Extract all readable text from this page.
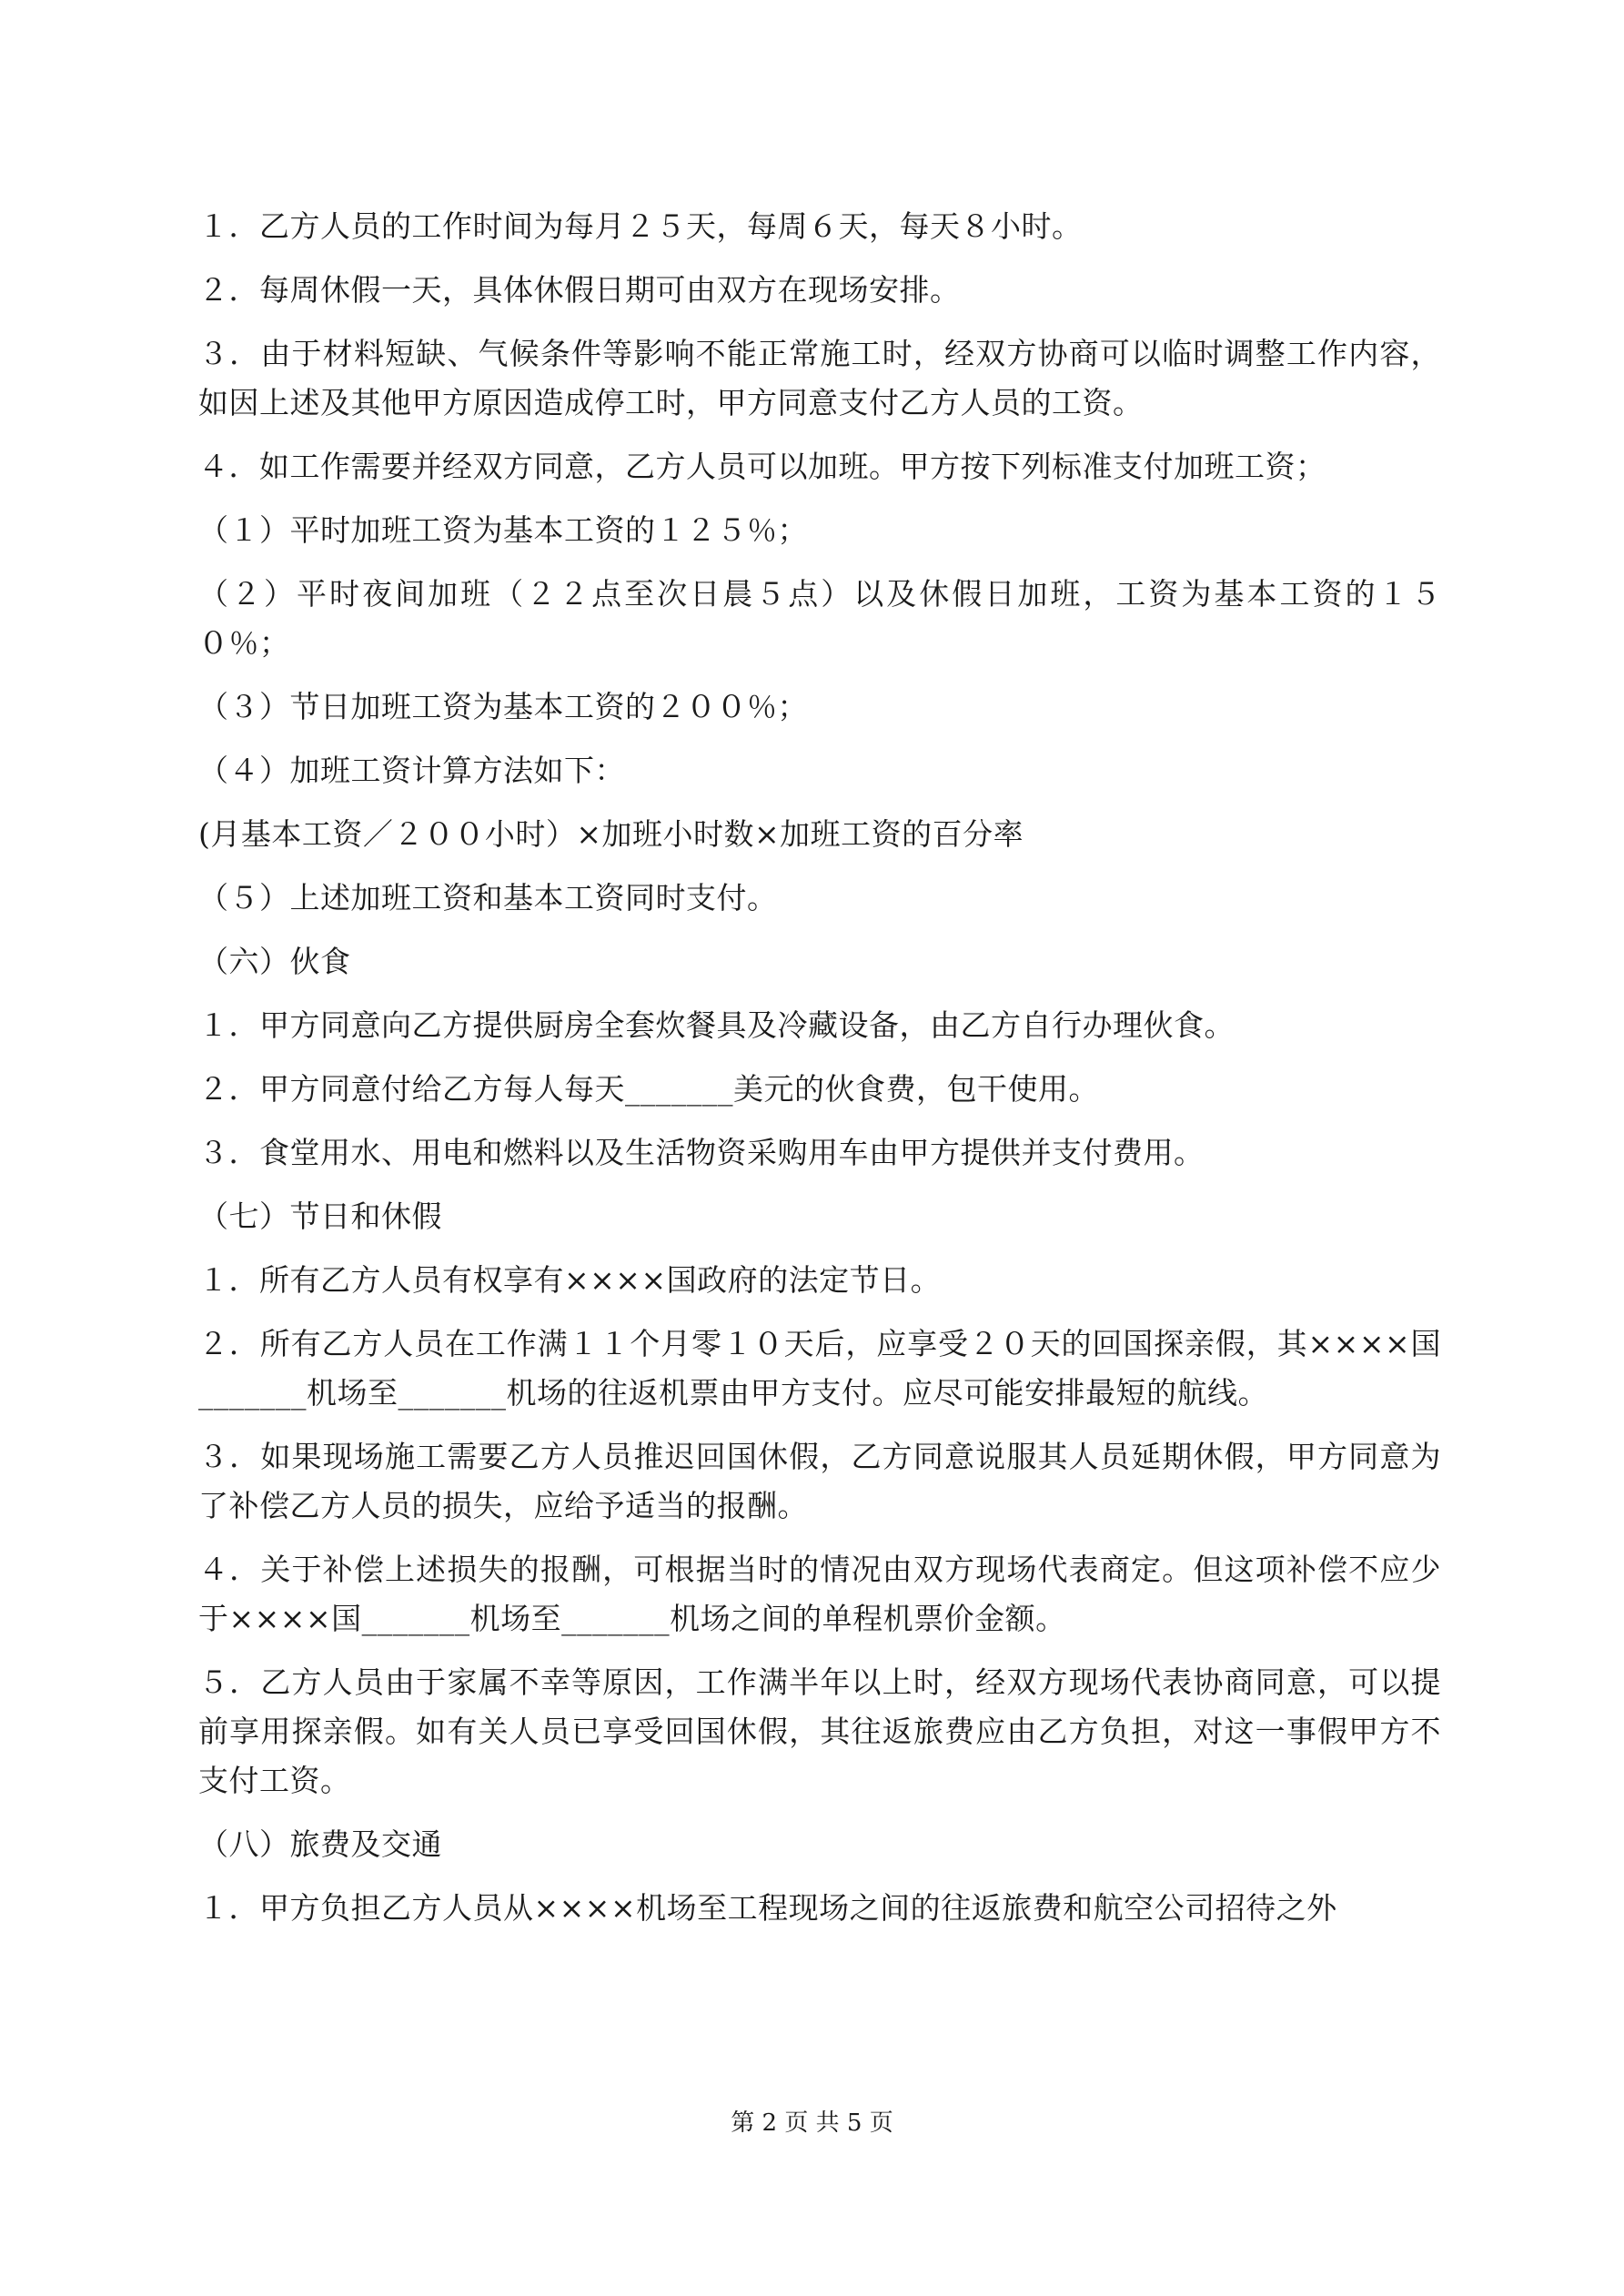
１．乙方人员的工作时间为每月２５天，每周６天，每天８小时。

２．每周休假一天，具体休假日期可由双方在现场安排。

３．由于材料短缺、气候条件等影响不能正常施工时，经双方协商可以临时调整工作内容，如因上述及其他甲方原因造成停工时，甲方同意支付乙方人员的工资。

４．如工作需要并经双方同意，乙方人员可以加班。甲方按下列标准支付加班工资；

（１）平时加班工资为基本工资的１２５％；

（２）平时夜间加班（２２点至次日晨５点）以及休假日加班，工资为基本工资的１５０％；

（３）节日加班工资为基本工资的２００％；

（４）加班工资计算方法如下：

(月基本工资／２００小时）×加班小时数×加班工资的百分率

（５）上述加班工资和基本工资同时支付。

（六）伙食

１．甲方同意向乙方提供厨房全套炊餐具及冷藏设备，由乙方自行办理伙食。

２．甲方同意付给乙方每人每天_______美元的伙食费，包干使用。

３．食堂用水、用电和燃料以及生活物资采购用车由甲方提供并支付费用。

（七）节日和休假

１．所有乙方人员有权享有××××国政府的法定节日。

２．所有乙方人员在工作满１１个月零１０天后，应享受２０天的回国探亲假，其××××国_______机场至_______机场的往返机票由甲方支付。应尽可能安排最短的航线。

３．如果现场施工需要乙方人员推迟回国休假，乙方同意说服其人员延期休假，甲方同意为了补偿乙方人员的损失，应给予适当的报酬。

４．关于补偿上述损失的报酬，可根据当时的情况由双方现场代表商定。但这项补偿不应少于××××国_______机场至_______机场之间的单程机票价金额。

５．乙方人员由于家属不幸等原因，工作满半年以上时，经双方现场代表协商同意，可以提前享用探亲假。如有关人员已享受回国休假，其往返旅费应由乙方负担，对这一事假甲方不支付工资。

（八）旅费及交通

１．甲方负担乙方人员从××××机场至工程现场之间的往返旅费和航空公司招待之外

第 2 页 共 5 页
